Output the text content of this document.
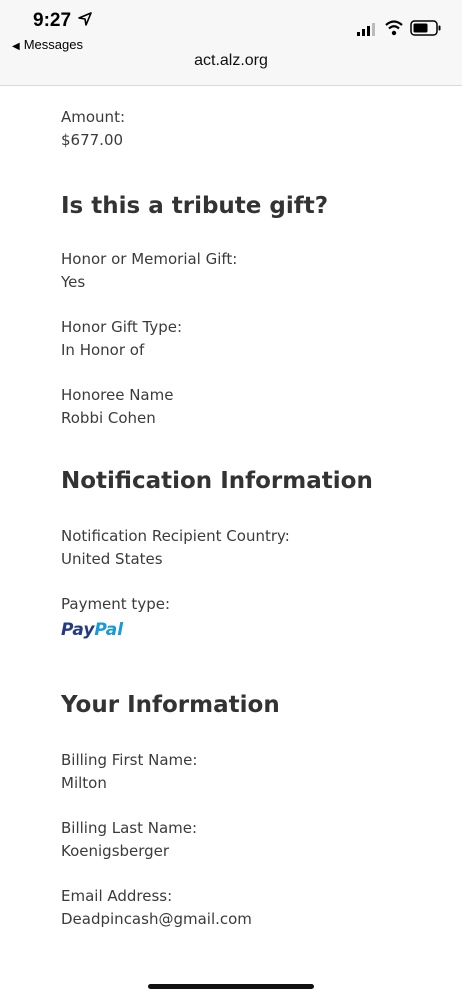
9:27
◀ Messages
act.alz.org
Amount:
$677.00
Is this a tribute gift?
Honor or Memorial Gift:
Yes
Honor Gift Type:
In Honor of
Honoree Name
Robbi Cohen
Notification Information
Notification Recipient Country:
United States
Payment type:
PayPal
Your Information
Billing First Name:
Milton
Billing Last Name:
Koenigsberger
Email Address:
Deadpincash@gmail.com
